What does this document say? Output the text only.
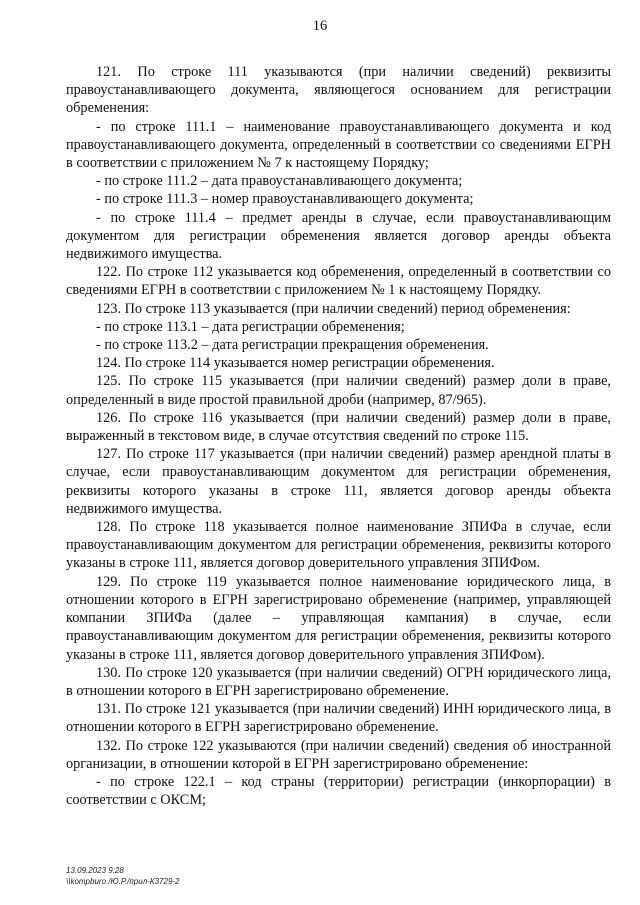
16

121. По строке 111 указываются (при наличии сведений) реквизиты правоустанавливающего документа, являющегося основанием для регистрации обременения:

- по строке 111.1 – наименование правоустанавливающего документа и код правоустанавливающего документа, определенный в соответствии со сведениями ЕГРН в соответствии с приложением № 7 к настоящему Порядку;

- по строке 111.2 – дата правоустанавливающего документа;

- по строке 111.3 – номер правоустанавливающего документа;

- по строке 111.4 – предмет аренды в случае, если правоустанавливающим документом для регистрации обременения является договор аренды объекта недвижимого имущества.

122. По строке 112 указывается код обременения, определенный в соответствии со сведениями ЕГРН в соответствии с приложением № 1 к настоящему Порядку.

123. По строке 113 указывается (при наличии сведений) период обременения:

- по строке 113.1 – дата регистрации обременения;

- по строке 113.2 – дата регистрации прекращения обременения.

124. По строке 114 указывается номер регистрации обременения.

125. По строке 115 указывается (при наличии сведений) размер доли в праве, определенный в виде простой правильной дроби (например, 87/965).

126. По строке 116 указывается (при наличии сведений) размер доли в праве, выраженный в текстовом виде, в случае отсутствия сведений по строке 115.

127. По строке 117 указывается (при наличии сведений) размер арендной платы в случае, если правоустанавливающим документом для регистрации обременения, реквизиты которого указаны в строке 111, является договор аренды объекта недвижимого имущества.

128. По строке 118 указывается полное наименование ЗПИФа в случае, если правоустанавливающим документом для регистрации обременения, реквизиты которого указаны в строке 111, является договор доверительного управления ЗПИФом.

129. По строке 119 указывается полное наименование юридического лица, в отношении которого в ЕГРН зарегистрировано обременение (например, управляющей компании ЗПИФа (далее – управляющая кампания) в случае, если правоустанавливающим документом для регистрации обременения, реквизиты которого указаны в строке 111, является договор доверительного управления ЗПИФом).

130. По строке 120 указывается (при наличии сведений) ОГРН юридического лица, в отношении которого в ЕГРН зарегистрировано обременение.

131. По строке 121 указывается (при наличии сведений) ИНН юридического лица, в отношении которого в ЕГРН зарегистрировано обременение.

132. По строке 122 указываются (при наличии сведений) сведения об иностранной организации, в отношении которой в ЕГРН зарегистрировано обременение:

- по строке 122.1 – код страны (территории) регистрации (инкорпорации) в соответствии с ОКСМ;

13.09.2023 9:28
\\kompburo /Ю.Р./прил-К3729-2
